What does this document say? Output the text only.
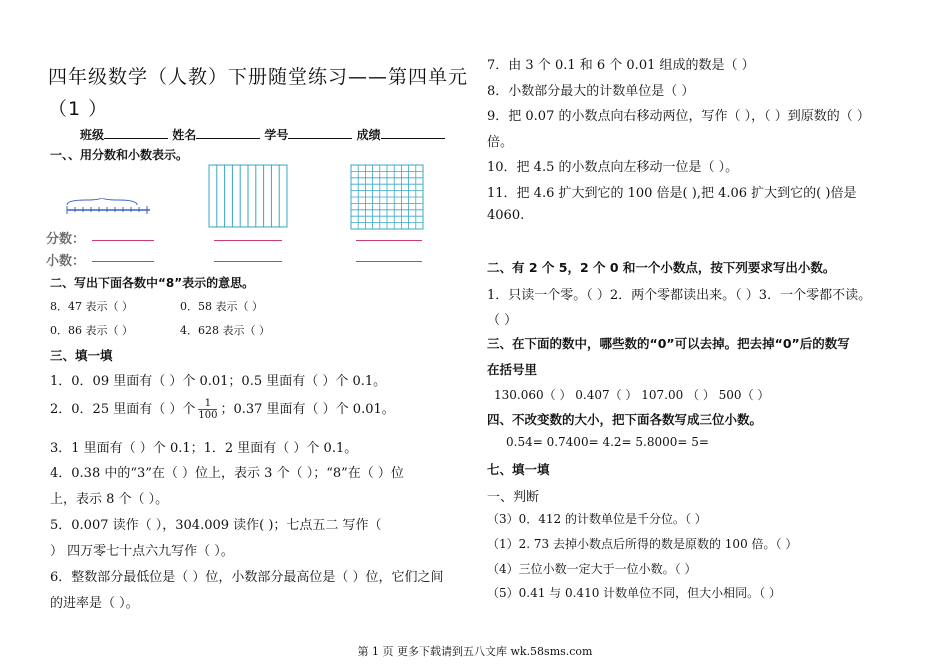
四年级数学（人教）下册随堂练习——第四单元
（1 ）
班级	姓名	学号	成绩
一、、用分数和小数表示。
分数：
小数：
二、写出下面各数中“8”表示的意思。
8．47 表示（ ）	0．58 表示（ ）
0．86 表示（ ）	4．628 表示（ ）
三、填一填
1．0．09 里面有（ ）个 0.01；0.5 里面有（ ）个 0.1。
2．0．25 里面有（ ）个 $\frac{1}{100}$ ；0.37 里面有（ ）个 0.01。
3．1 里面有（ ）个 0.1；1．2 里面有（ ）个 0.1。
4．0.38 中的“3”在（ ）位上，表示 3 个（ ）；“8”在（ ）位
上，表示 8 个（ ）。
5．0.007 读作（ ），304.009 读作( )；七点五二 写作（
） 四万零七十点六九写作（ ）。
6．整数部分最低位是（ ）位，小数部分最高位是（ ）位，它们之间
的进率是（ ）。
7．由 3 个 0.1 和 6 个 0.01 组成的数是（ ）
8．小数部分最大的计数单位是（ ）
9．把 0.07 的小数点向右移动两位，写作（ ），（ ）到原数的（ ）
倍。
10．把 4.5 的小数点向左移动一位是（ ）。
11．把 4.6 扩大到它的 100 倍是( ),把 4.06 扩大到它的( )倍是
4060.
二、有 2 个 5，2 个 0 和一个小数点，按下列要求写出小数。
1．只读一个零。（ ）2．两个零都读出来。（ ）3．一个零都不读。
（ ）
三、在下面的数中，哪些数的“0”可以去掉。把去掉“0”后的数写
在括号里
130.060（ ） 0.407（ ） 107.00 （ ） 500（ ）
四、不改变数的大小，把下面各数写成三位小数。
0.54= 0.7400= 4.2= 5.8000= 5=
七、填一填
一、判断
（3）0．412 的计数单位是千分位。（ ）
（1）2. 73 去掉小数点后所得的数是原数的 100 倍。（ ）
（4）三位小数一定大于一位小数。（ ）
（5）0.41 与 0.410 计数单位不同，但大小相同。（ ）
第 1 页 更多下载请到五八文库 wk.58sms.com
